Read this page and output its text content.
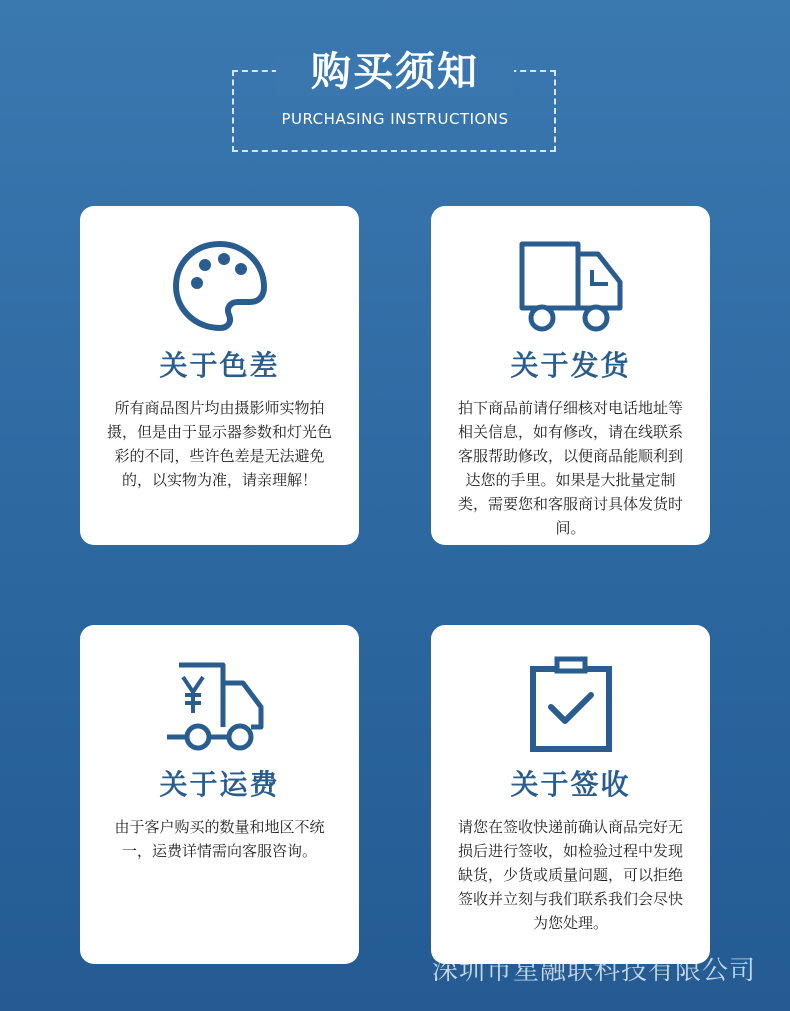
购买须知
PURCHASING INSTRUCTIONS
关于色差
所有商品图片均由摄影师实物拍摄，但是由于显示器参数和灯光色彩的不同，些许色差是无法避免的，以实物为准，请亲理解！
关于发货
拍下商品前请仔细核对电话地址等相关信息，如有修改，请在线联系客服帮助修改，以便商品能顺利到达您的手里。如果是大批量定制类，需要您和客服商讨具体发货时间。
关于运费
由于客户购买的数量和地区不统一，运费详情需向客服咨询。
关于签收
请您在签收快递前确认商品完好无损后进行签收，如检验过程中发现缺货，少货或质量问题，可以拒绝签收并立刻与我们联系我们会尽快为您处理。
深圳市星融联科技有限公司
